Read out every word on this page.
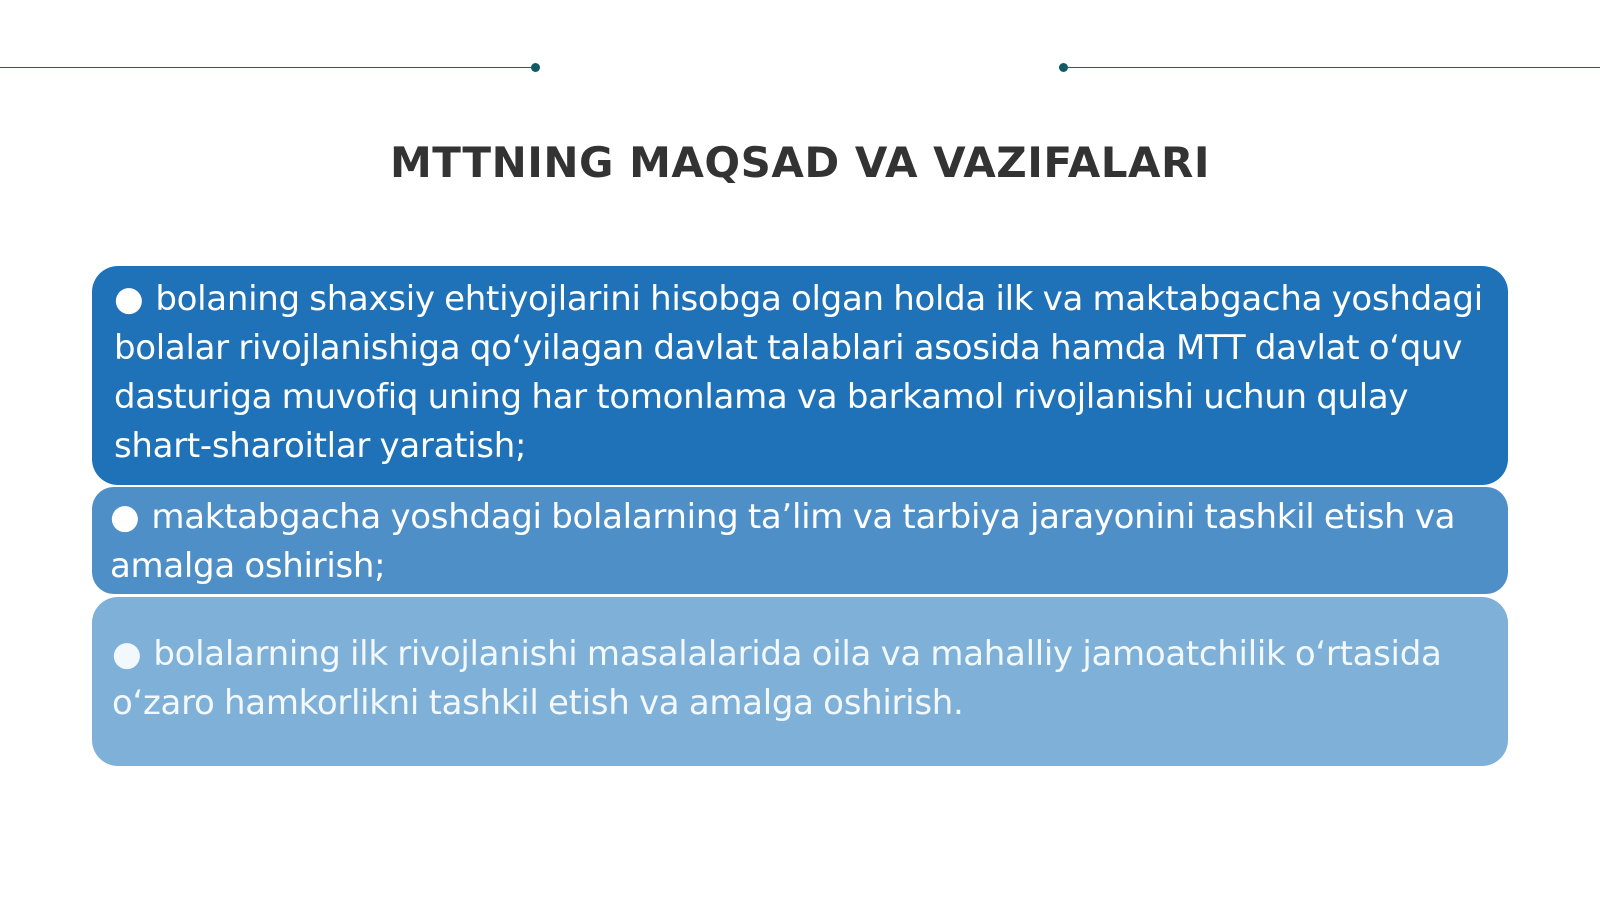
MTTNING MAQSAD VA VAZIFALARI
● bolaning shaxsiy ehtiyojlarini hisobga olgan holda ilk va maktabgacha yoshdagi bolalar rivojlanishiga qo‘yilagan davlat talablari asosida hamda MTT davlat o‘quv dasturiga muvofiq uning har tomonlama va barkamol rivojlanishi uchun qulay shart-sharoitlar yaratish;
● maktabgacha yoshdagi bolalarning ta’lim va tarbiya jarayonini tashkil etish va amalga oshirish;
● bolalarning ilk rivojlanishi masalalarida oila va mahalliy jamoatchilik o‘rtasida o‘zaro hamkorlikni tashkil etish va amalga oshirish.
